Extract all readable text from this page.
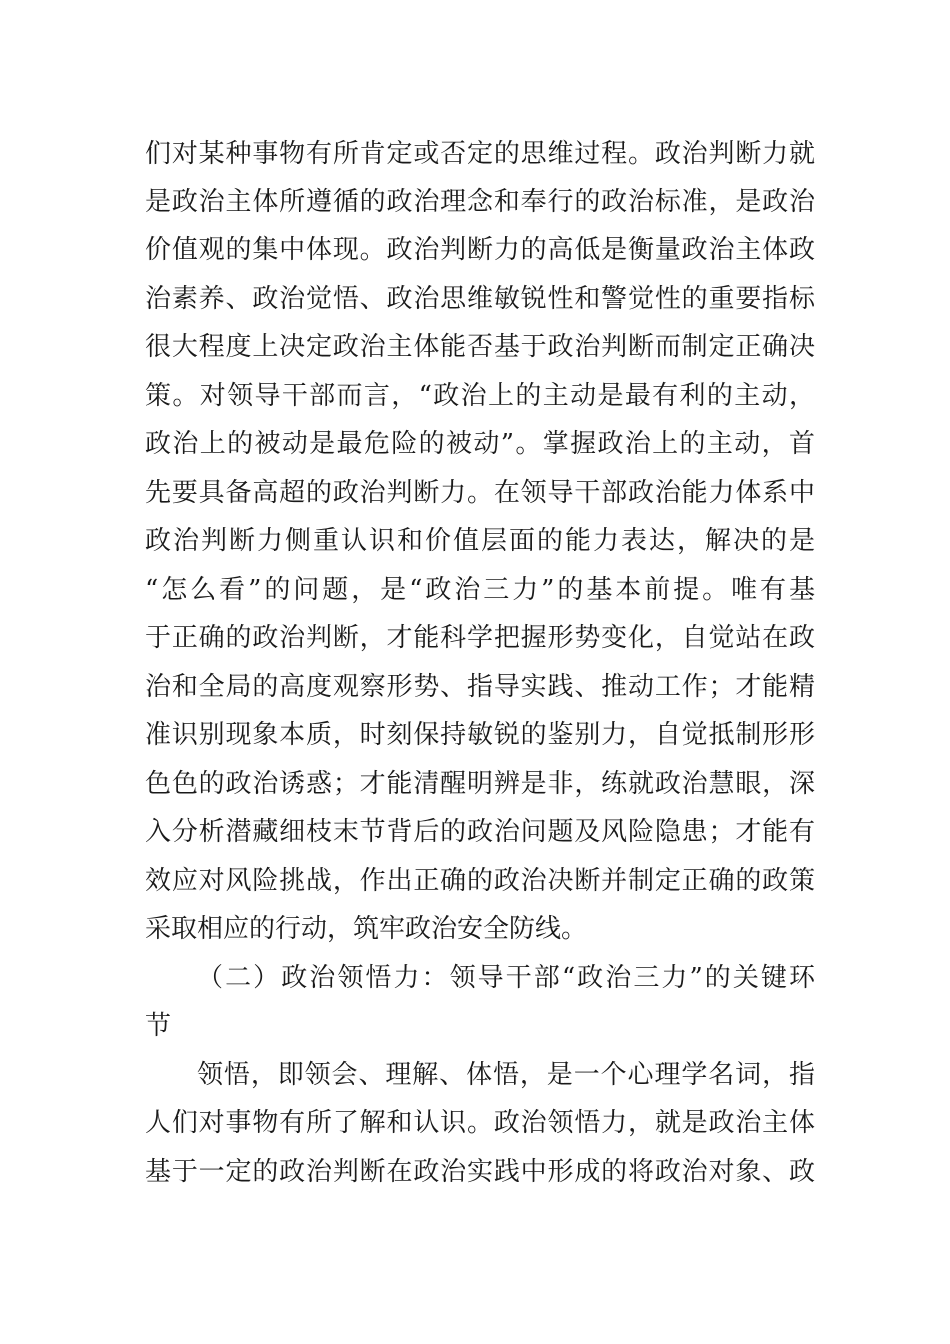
们对某种事物有所肯定或否定的思维过程。政治判断力就
是政治主体所遵循的政治理念和奉行的政治标准，是政治
价值观的集中体现。政治判断力的高低是衡量政治主体政
治素养、政治觉悟、政治思维敏锐性和警觉性的重要指标
很大程度上决定政治主体能否基于政治判断而制定正确决
策。对领导干部而言，“政治上的主动是最有利的主动，
政治上的被动是最危险的被动”。掌握政治上的主动，首
先要具备高超的政治判断力。在领导干部政治能力体系中
政治判断力侧重认识和价值层面的能力表达，解决的是
“怎么看”的问题，是“政治三力”的基本前提。唯有基
于正确的政治判断，才能科学把握形势变化，自觉站在政
治和全局的高度观察形势、指导实践、推动工作；才能精
准识别现象本质，时刻保持敏锐的鉴别力，自觉抵制形形
色色的政治诱惑；才能清醒明辨是非，练就政治慧眼，深
入分析潜藏细枝末节背后的政治问题及风险隐患；才能有
效应对风险挑战，作出正确的政治决断并制定正确的政策
采取相应的行动，筑牢政治安全防线。
（二）政治领悟力：领导干部“政治三力”的关键环
节
领悟，即领会、理解、体悟，是一个心理学名词，指
人们对事物有所了解和认识。政治领悟力，就是政治主体
基于一定的政治判断在政治实践中形成的将政治对象、政
